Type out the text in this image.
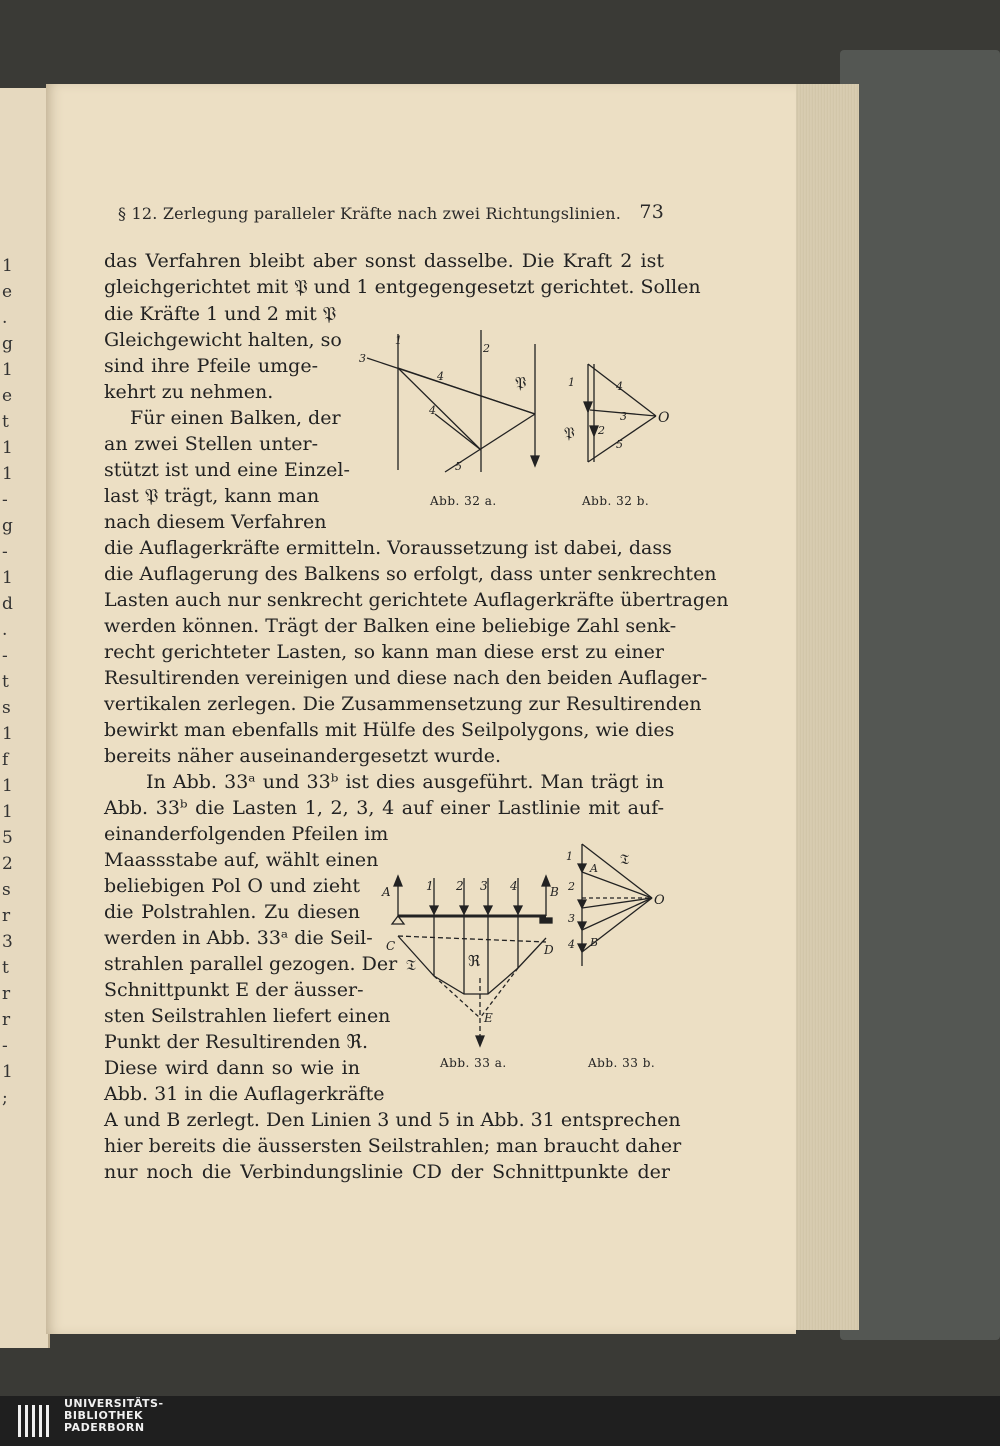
1
e
.
g
1
e
t
1
1
-
g
-
1
d
.
-
t
s
1
f
1
1
5
2
s
r
3
t
r
r
-
1
;
§ 12. Zerlegung paralleler Kräfte nach zwei Richtungslinien. 73
das Verfahren bleibt aber sonst dasselbe. Die Kraft 2 ist
gleichgerichtet mit 𝔓 und 1 entgegengesetzt gerichtet. Sollen
die Kräfte 1 und 2 mit 𝔓
Gleichgewicht halten, so
sind ihre Pfeile umge-
kehrt zu nehmen.
Für einen Balken, der
an zwei Stellen unter-
stützt ist und eine Einzel-
last 𝔓 trägt, kann man
nach diesem Verfahren
die Auflagerkräfte ermitteln. Voraussetzung ist dabei, dass
die Auflagerung des Balkens so erfolgt, dass unter senkrechten
Lasten auch nur senkrecht gerichtete Auflagerkräfte übertragen
werden können. Trägt der Balken eine beliebige Zahl senk-
recht gerichteter Lasten, so kann man diese erst zu einer
Resultirenden vereinigen und diese nach den beiden Auflager-
vertikalen zerlegen. Die Zusammensetzung zur Resultirenden
bewirkt man ebenfalls mit Hülfe des Seilpolygons, wie dies
bereits näher auseinandergesetzt wurde.
In Abb. 33ᵃ und 33ᵇ ist dies ausgeführt. Man trägt in
Abb. 33ᵇ die Lasten 1, 2, 3, 4 auf einer Lastlinie mit auf-
einanderfolgenden Pfeilen im
Maassstabe auf, wählt einen
beliebigen Pol O und zieht
die Polstrahlen. Zu diesen
werden in Abb. 33ᵃ die Seil-
strahlen parallel gezogen. Der
Schnittpunkt E der äusser-
sten Seilstrahlen liefert einen
Punkt der Resultirenden ℜ.
Diese wird dann so wie in
Abb. 31 in die Auflagerkräfte
A und B zerlegt. Den Linien 3 und 5 in Abb. 31 entsprechen
hier bereits die äussersten Seilstrahlen; man braucht daher
nur noch die Verbindungslinie CD der Schnittpunkte der
1
2
3
4
4
5
𝔓
Abb. 32 a.
1	4
3
2
5
O
𝔓
Abb. 32 b.
A	B
C	D
E
𝔗	ℜ
1 2 3 4
Abb. 33 a.
1
2
3
4
A
B
𝔗
O
Abb. 33 b.
UNIVERSITÄTS-
BIBLIOTHEK
PADERBORN
